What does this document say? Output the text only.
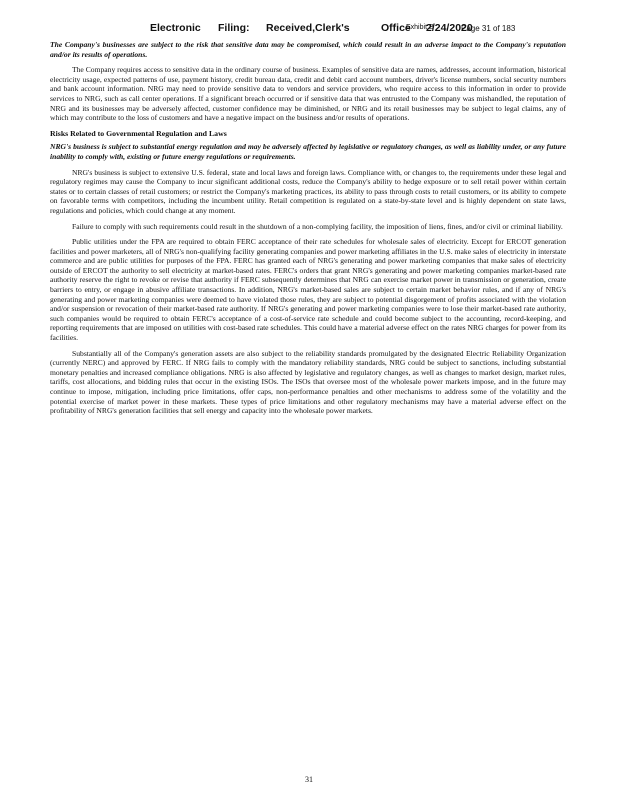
Electronic Filing: Received,Clerk's	Office
Exhibit B
2/24/2020
Page 31 of 183

The Company's businesses are subject to the risk that sensitive data may be compromised, which could result in an adverse impact to the Company's reputation and/or its results of operations.

The Company requires access to sensitive data in the ordinary course of business. Examples of sensitive data are names, addresses, account information, historical electricity usage, expected patterns of use, payment history, credit bureau data, credit and debit card account numbers, driver's license numbers, social security numbers and bank account information. NRG may need to provide sensitive data to vendors and service providers, who require access to this information in order to provide services to NRG, such as call center operations. If a significant breach occurred or if sensitive data that was entrusted to the Company was mishandled, the reputation of NRG and its businesses may be adversely affected, customer confidence may be diminished, or NRG and its retail businesses may be subject to legal claims, any of which may contribute to the loss of customers and have a negative impact on the business and/or results of operations.

Risks Related to Governmental Regulation and Laws

NRG's business is subject to substantial energy regulation and may be adversely affected by legislative or regulatory changes, as well as liability under, or any future inability to comply with, existing or future energy regulations or requirements.

NRG's business is subject to extensive U.S. federal, state and local laws and foreign laws. Compliance with, or changes to, the requirements under these legal and regulatory regimes may cause the Company to incur significant additional costs, reduce the Company's ability to hedge exposure or to sell retail power within certain states or to certain classes of retail customers; or restrict the Company's marketing practices, its ability to pass through costs to retail customers, or its ability to compete on favorable terms with competitors, including the incumbent utility. Retail competition is regulated on a state-by-state level and is highly dependent on state laws, regulations and policies, which could change at any moment.

Failure to comply with such requirements could result in the shutdown of a non-complying facility, the imposition of liens, fines, and/or civil or criminal liability.

Public utilities under the FPA are required to obtain FERC acceptance of their rate schedules for wholesale sales of electricity. Except for ERCOT generation facilities and power marketers, all of NRG's non-qualifying facility generating companies and power marketing affiliates in the U.S. make sales of electricity in interstate commerce and are public utilities for purposes of the FPA. FERC has granted each of NRG's generating and power marketing companies that make sales of electricity outside of ERCOT the authority to sell electricity at market-based rates. FERC's orders that grant NRG's generating and power marketing companies market-based rate authority reserve the right to revoke or revise that authority if FERC subsequently determines that NRG can exercise market power in transmission or generation, create barriers to entry, or engage in abusive affiliate transactions. In addition, NRG's market-based sales are subject to certain market behavior rules, and if any of NRG's generating and power marketing companies were deemed to have violated those rules, they are subject to potential disgorgement of profits associated with the violation and/or suspension or revocation of their market-based rate authority. If NRG's generating and power marketing companies were to lose their market-based rate authority, such companies would be required to obtain FERC's acceptance of a cost-of-service rate schedule and could become subject to the accounting, record-keeping, and reporting requirements that are imposed on utilities with cost-based rate schedules. This could have a material adverse effect on the rates NRG charges for power from its facilities.

Substantially all of the Company's generation assets are also subject to the reliability standards promulgated by the designated Electric Reliability Organization (currently NERC) and approved by FERC. If NRG fails to comply with the mandatory reliability standards, NRG could be subject to sanctions, including substantial monetary penalties and increased compliance obligations. NRG is also affected by legislative and regulatory changes, as well as changes to market design, market rules, tariffs, cost allocations, and bidding rules that occur in the existing ISOs. The ISOs that oversee most of the wholesale power markets impose, and in the future may continue to impose, mitigation, including price limitations, offer caps, non-performance penalties and other mechanisms to address some of the volatility and the potential exercise of market power in these markets. These types of price limitations and other regulatory mechanisms may have a material adverse effect on the profitability of NRG's generation facilities that sell energy and capacity into the wholesale power markets.

31
